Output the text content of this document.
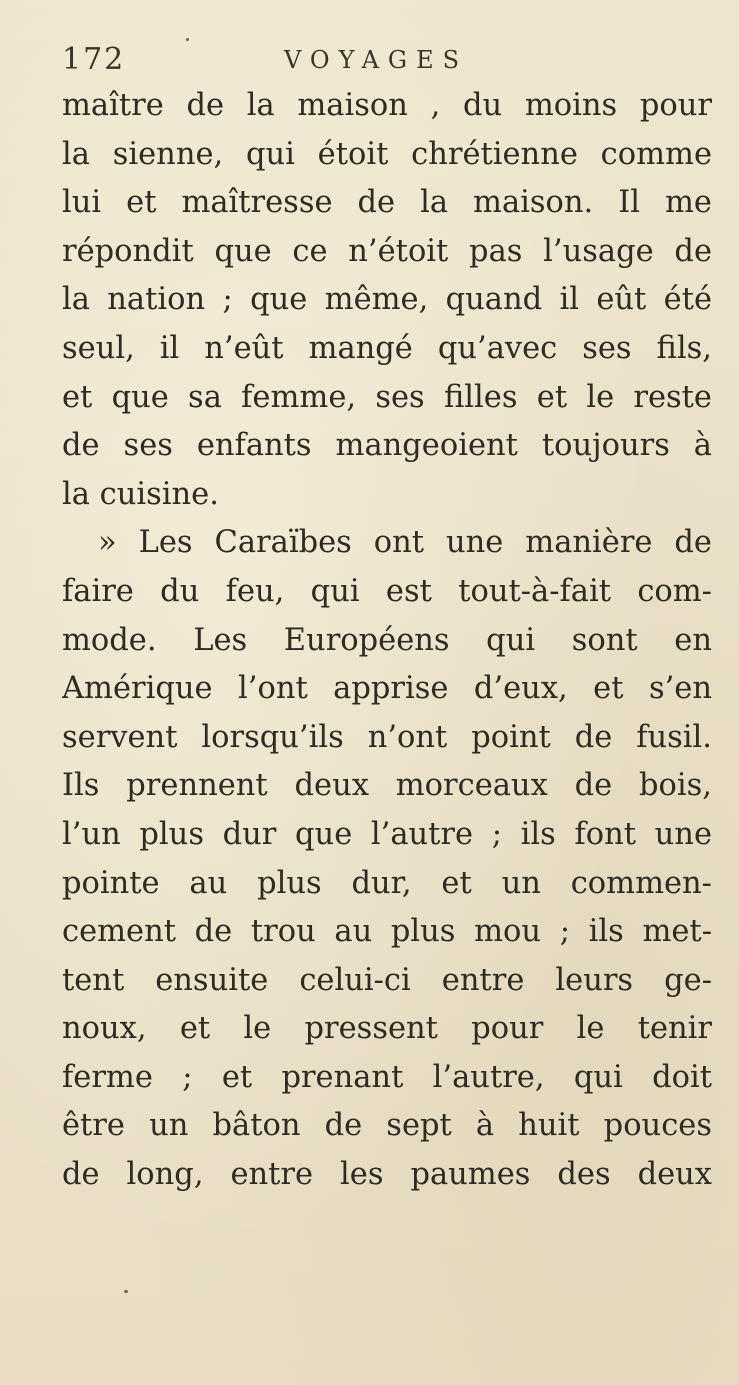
172	VOYAGES
maître de la maison , du moins pour
la sienne, qui étoit chrétienne comme
lui et maîtresse de la maison. Il me
répondit que ce n’étoit pas l’usage de
la nation ; que même, quand il eût été
seul, il n’eût mangé qu’avec ses fils,
et que sa femme, ses filles et le reste
de ses enfants mangeoient toujours à
la cuisine.
» Les Caraïbes ont une manière de
faire du feu, qui est tout-à-fait com-
mode. Les Européens qui sont en
Amérique l’ont apprise d’eux, et s’en
servent lorsqu’ils n’ont point de fusil.
Ils prennent deux morceaux de bois,
l’un plus dur que l’autre ; ils font une
pointe au plus dur, et un commen-
cement de trou au plus mou ; ils met-
tent ensuite celui-ci entre leurs ge-
noux, et le pressent pour le tenir
ferme ; et prenant l’autre, qui doit
être un bâton de sept à huit pouces
de long, entre les paumes des deux
